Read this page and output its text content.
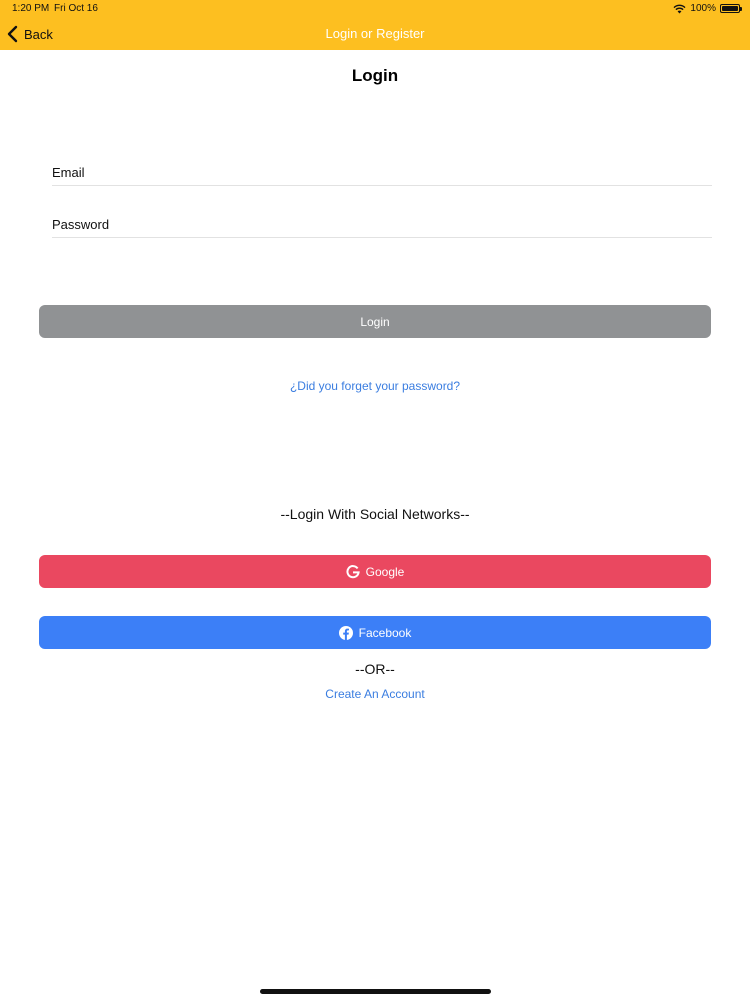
1:20 PM Fri Oct 16	100%
Back	Login or Register
Login
Email
Login
¿Did you forget your password?
--Login With Social Networks--
Google
Facebook
--OR--
Create An Account
